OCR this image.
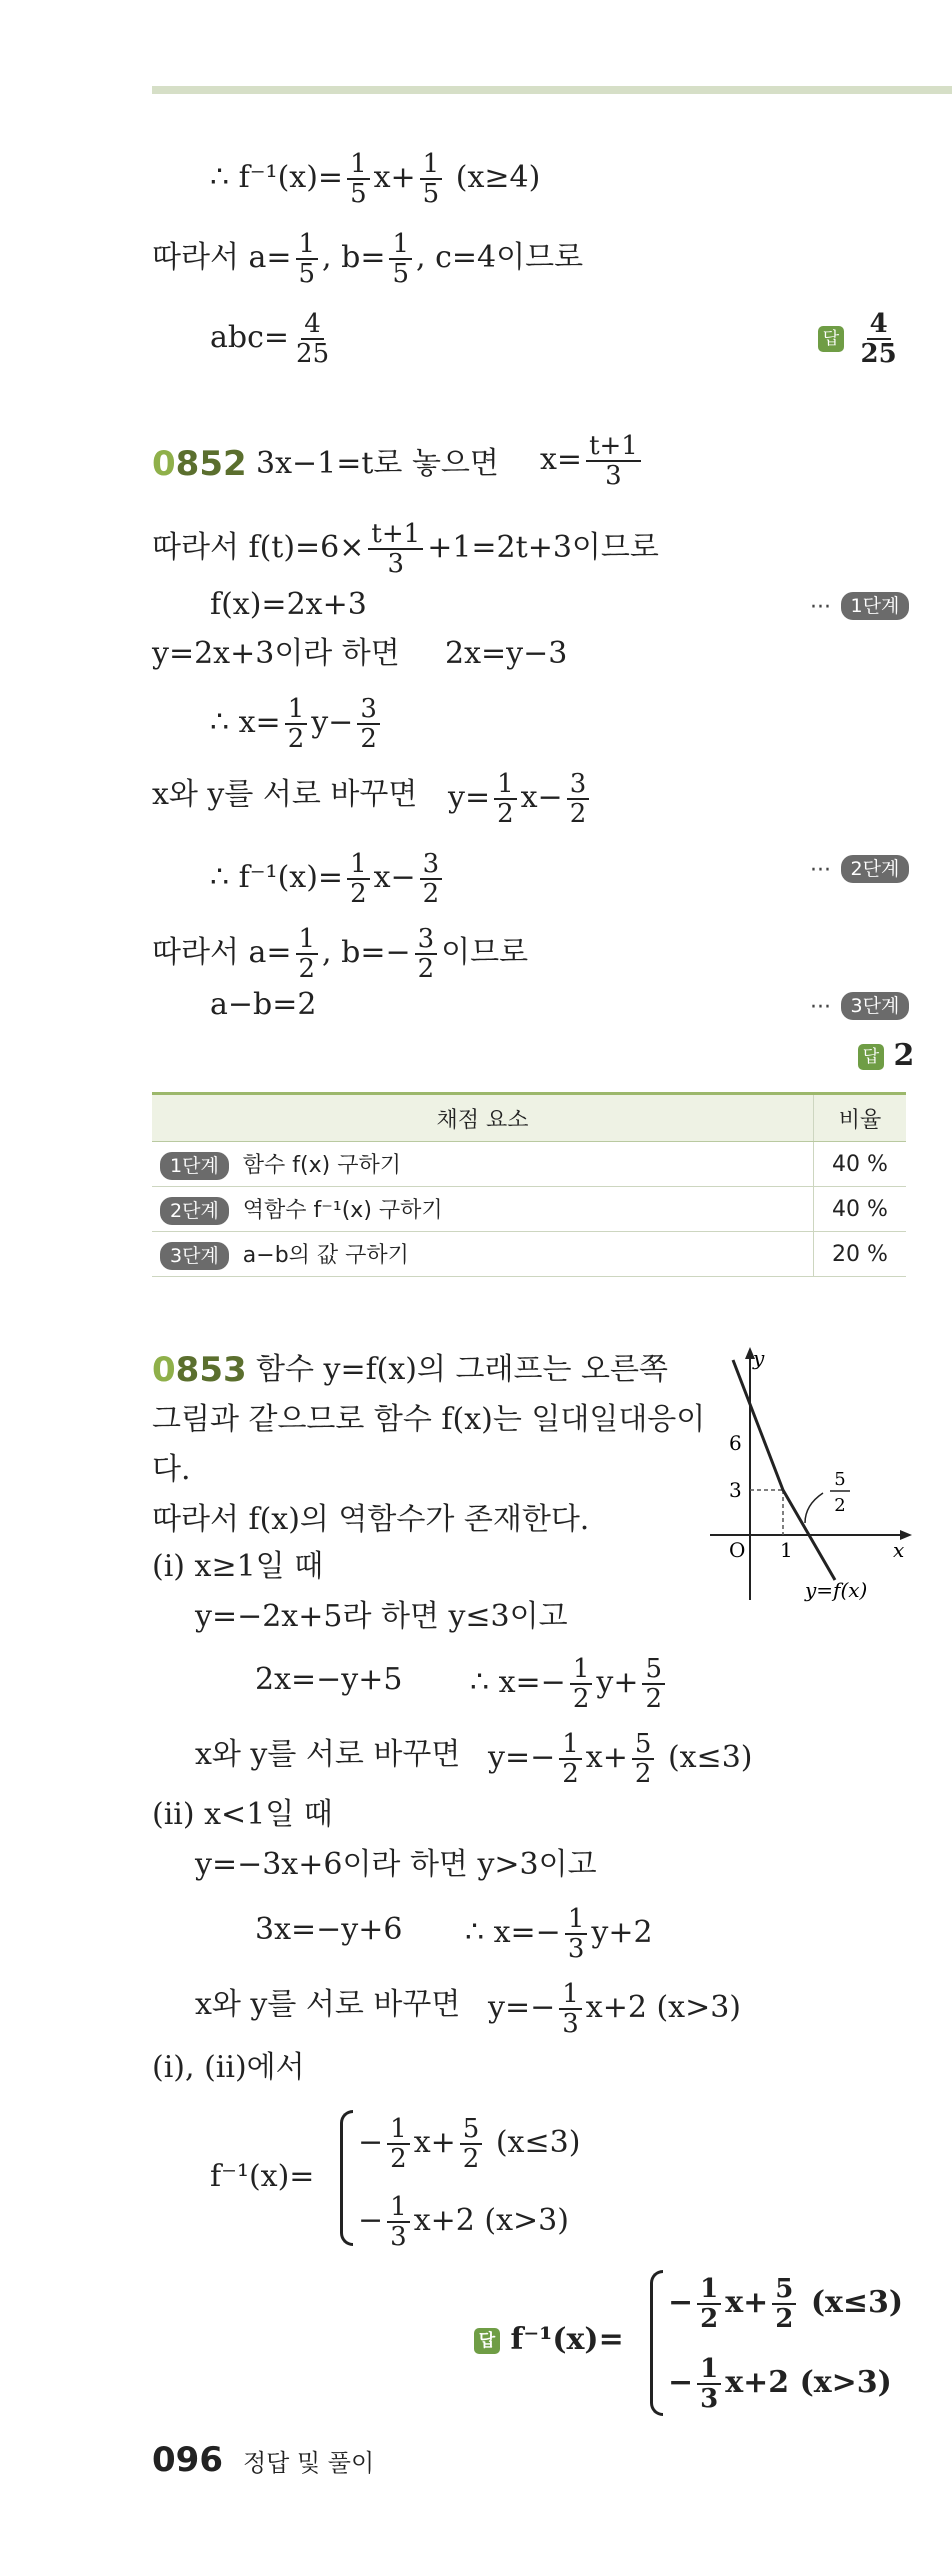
∴ $f^{-1}(x)= \frac{1}{5} x+ \frac{1}{5} (x\ge 4)$
따라서 $a= \frac{1}{5}$ , $b= \frac{1}{5}$ , c=4이므로
$abc= \frac{4}{25}$	답 $\frac{4}{25}$
0852 3x−1=t로 놓으면 $x= \frac{t+1}{3}$
따라서 $f(t)=6\times \frac{t+1}{3} +1=2t+3$이므로
f(x)=2x+3	··· 1단계
y=2x+3이라 하면 2x=y−3
∴ $x= \frac{1}{2} y- \frac{3}{2}$
x와 y를 서로 바꾸면 $y= \frac{1}{2} x- \frac{3}{2}$
∴ $f^{-1}(x)= \frac{1}{2} x- \frac{3}{2}$	··· 2단계
따라서 $a= \frac{1}{2}$ , $b=- \frac{3}{2}$ 이므로
a−b=2	··· 3단계
답 2
채점 요소	비율
1단계 함수 f(x) 구하기	40 %
2단계 역함수 f⁻¹(x) 구하기	40 %
3단계 a−b의 값 구하기	20 %
0853 함수 y=f(x)의 그래프는 오른쪽
그림과 같으므로 함수 f(x)는 일대일대응이
다.
따라서 f(x)의 역함수가 존재한다.
y
x
O
6
3
1
5
2
y=f(x)
(i) x≥1일 때
y=−2x+5라 하면 y≤3이고
2x=−y+5 ∴ $x=- \frac{1}{2} y+ \frac{5}{2}$
x와 y를 서로 바꾸면 $y=- \frac{1}{2} x+ \frac{5}{2} (x\le 3)$
(ii) x<1일 때
y=−3x+6이라 하면 y>3이고
3x=−y+6 ∴ $x=- \frac{1}{3} y+2$
x와 y를 서로 바꾸면 $y=- \frac{1}{3} x+2$ (x>3)
(i), (ii)에서
f⁻¹(x)=
− $\frac{1}{2} x+ \frac{5}{2} (x\le 3)$
− $\frac{1}{3} x+2$ (x>3)
답 f⁻¹(x)=
− $\frac{1}{2} x+ \frac{5}{2} (x\le 3)$
− $\frac{1}{3} x+2$ (x>3)
096 정답 및 풀이
